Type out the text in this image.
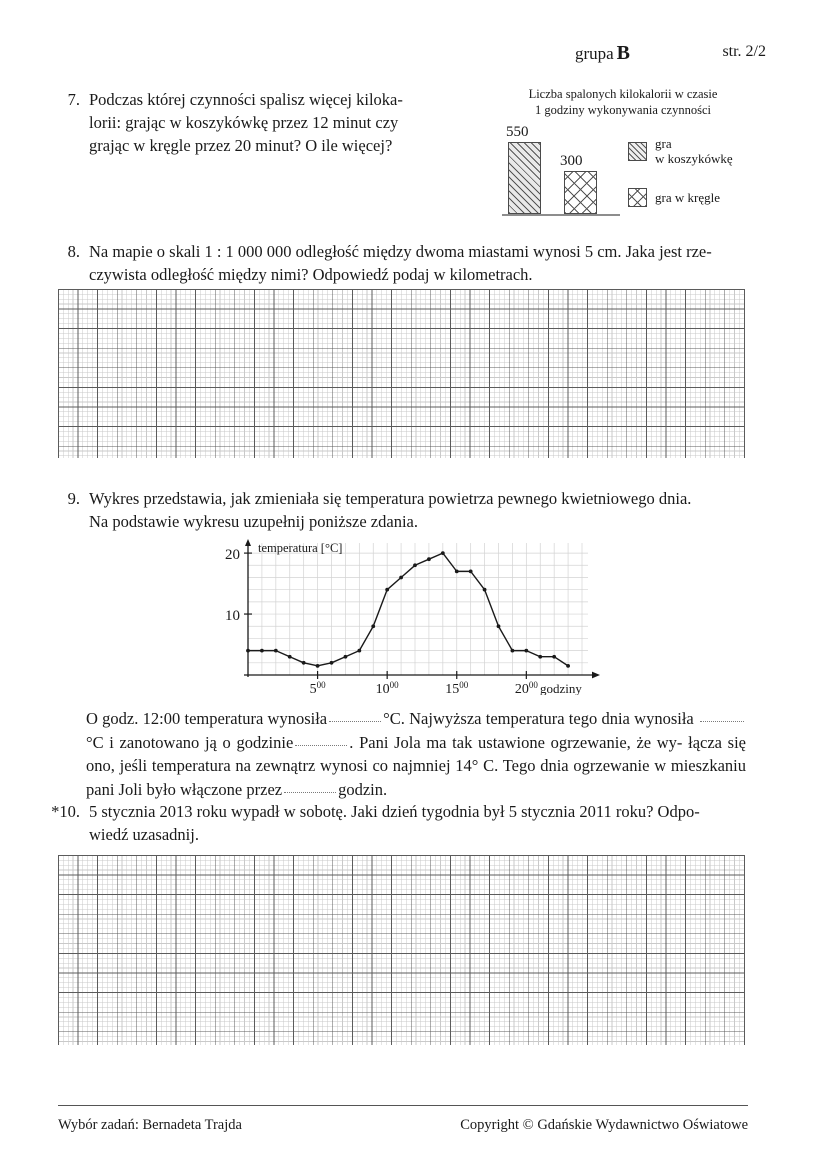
grupa B	str. 2/2
7. Podczas której czynności spalisz więcej kiloka-

lorii: grając w koszykówkę przez 12 minut czy

grając w kręgle przez 20 minut? O ile więcej?

Liczba spalonych kilokalorii w czasie
1 godziny wykonywania czynności
550
300
gra
w koszykówkę
gra w kręgle
8. Na mapie o skali 1 : 1 000 000 odległość między dwoma miastami wynosi 5 cm. Jaka jest rze-

czywista odległość między nimi? Odpowiedź podaj w kilometrach.

9. Wykres przedstawia, jak zmieniała się temperatura powietrza pewnego kwietniowego dnia.

Na podstawie wykresu uzupełnij poniższe zdania.

10
20
$5^{00}$	$10^{00}$	$15^{00}$	$20^{00}$
temperatura [°C]
godziny

O godz. 12:00 temperatura wynosiła	°C. Najwyższa temperatura tego dnia wynosiła °C i zanotowano ją o godzinie	. Pani Jola ma tak ustawione ogrzewanie, że wy- łącza się ono, jeśli temperatura na zewnątrz wynosi co najmniej 14° C. Tego dnia ogrzewanie w mieszkaniu pani Joli było włączone przez	godzin.

*10. 5 stycznia 2013 roku wypadł w sobotę. Jaki dzień tygodnia był 5 stycznia 2011 roku? Odpo-

wiedź uzasadnij.

Wybór zadań: Bernadeta Trajda	Copyright © Gdańskie Wydawnictwo Oświatowe
